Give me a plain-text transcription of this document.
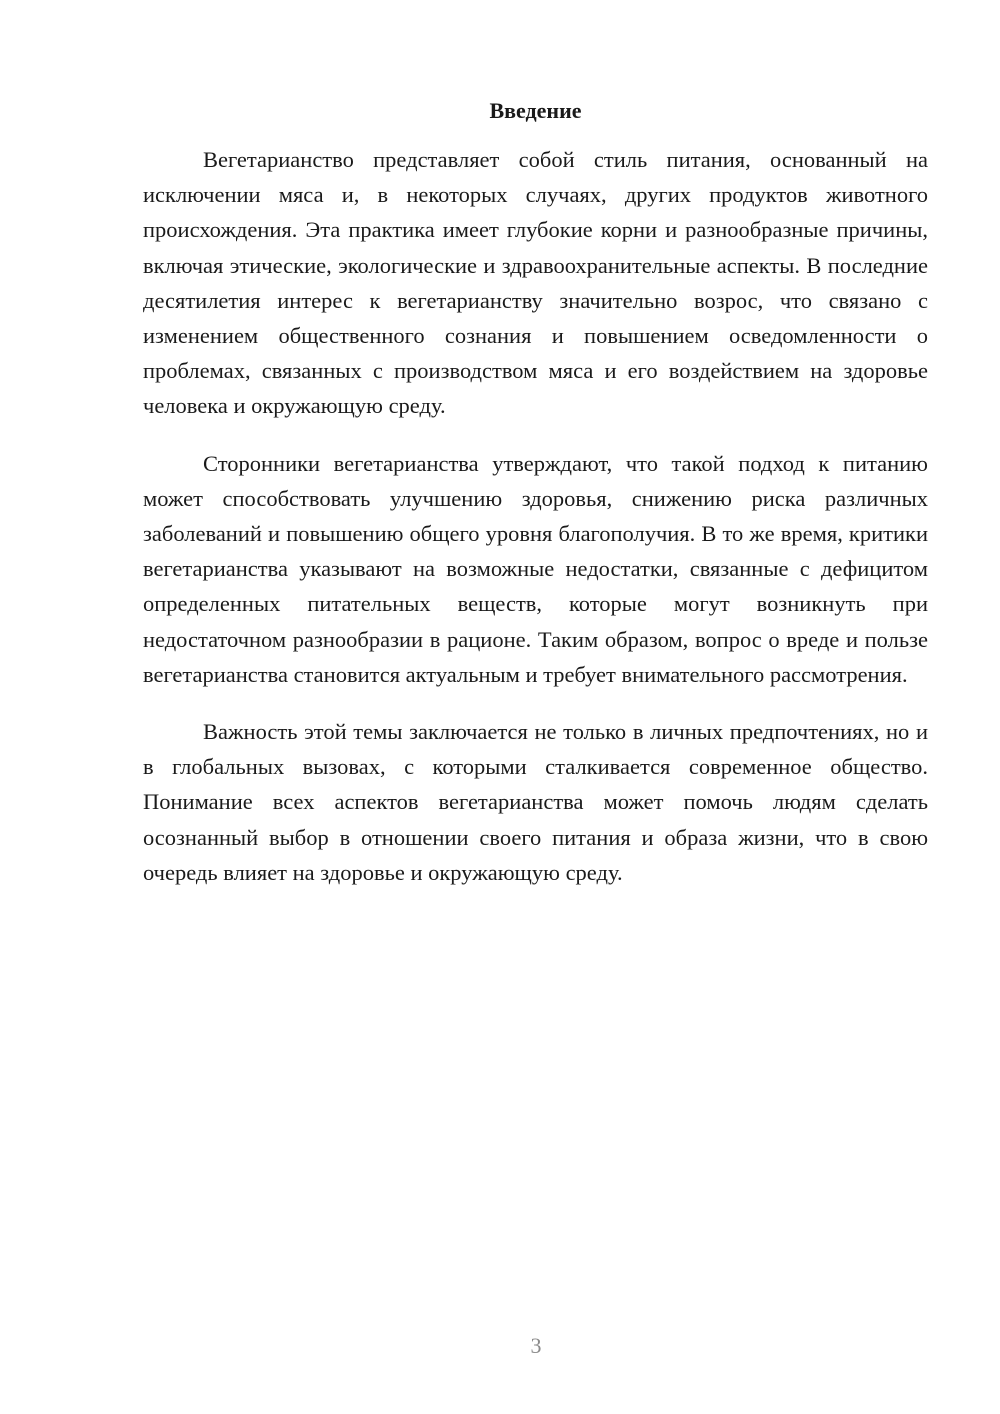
Введение

Вегетарианство представляет собой стиль питания, основанный на исключении мяса и, в некоторых случаях, других продуктов животного происхождения. Эта практика имеет глубокие корни и разнообразные причины, включая этические, экологические и здравоохранительные аспекты. В последние десятилетия интерес к вегетарианству значительно возрос, что связано с изменением общественного сознания и повышением осведомленности о проблемах, связанных с производством мяса и его воздействием на здоровье человека и окружающую среду.

Сторонники вегетарианства утверждают, что такой подход к питанию может способствовать улучшению здоровья, снижению риска различных заболеваний и повышению общего уровня благополучия. В то же время, критики вегетарианства указывают на возможные недостатки, связанные с дефицитом определенных питательных веществ, которые могут возникнуть при недостаточном разнообразии в рационе. Таким образом, вопрос о вреде и пользе вегетарианства становится актуальным и требует внимательного рассмотрения.

Важность этой темы заключается не только в личных предпочтениях, но и в глобальных вызовах, с которыми сталкивается современное общество. Понимание всех аспектов вегетарианства может помочь людям сделать осознанный выбор в отношении своего питания и образа жизни, что в свою очередь влияет на здоровье и окружающую среду.

3
